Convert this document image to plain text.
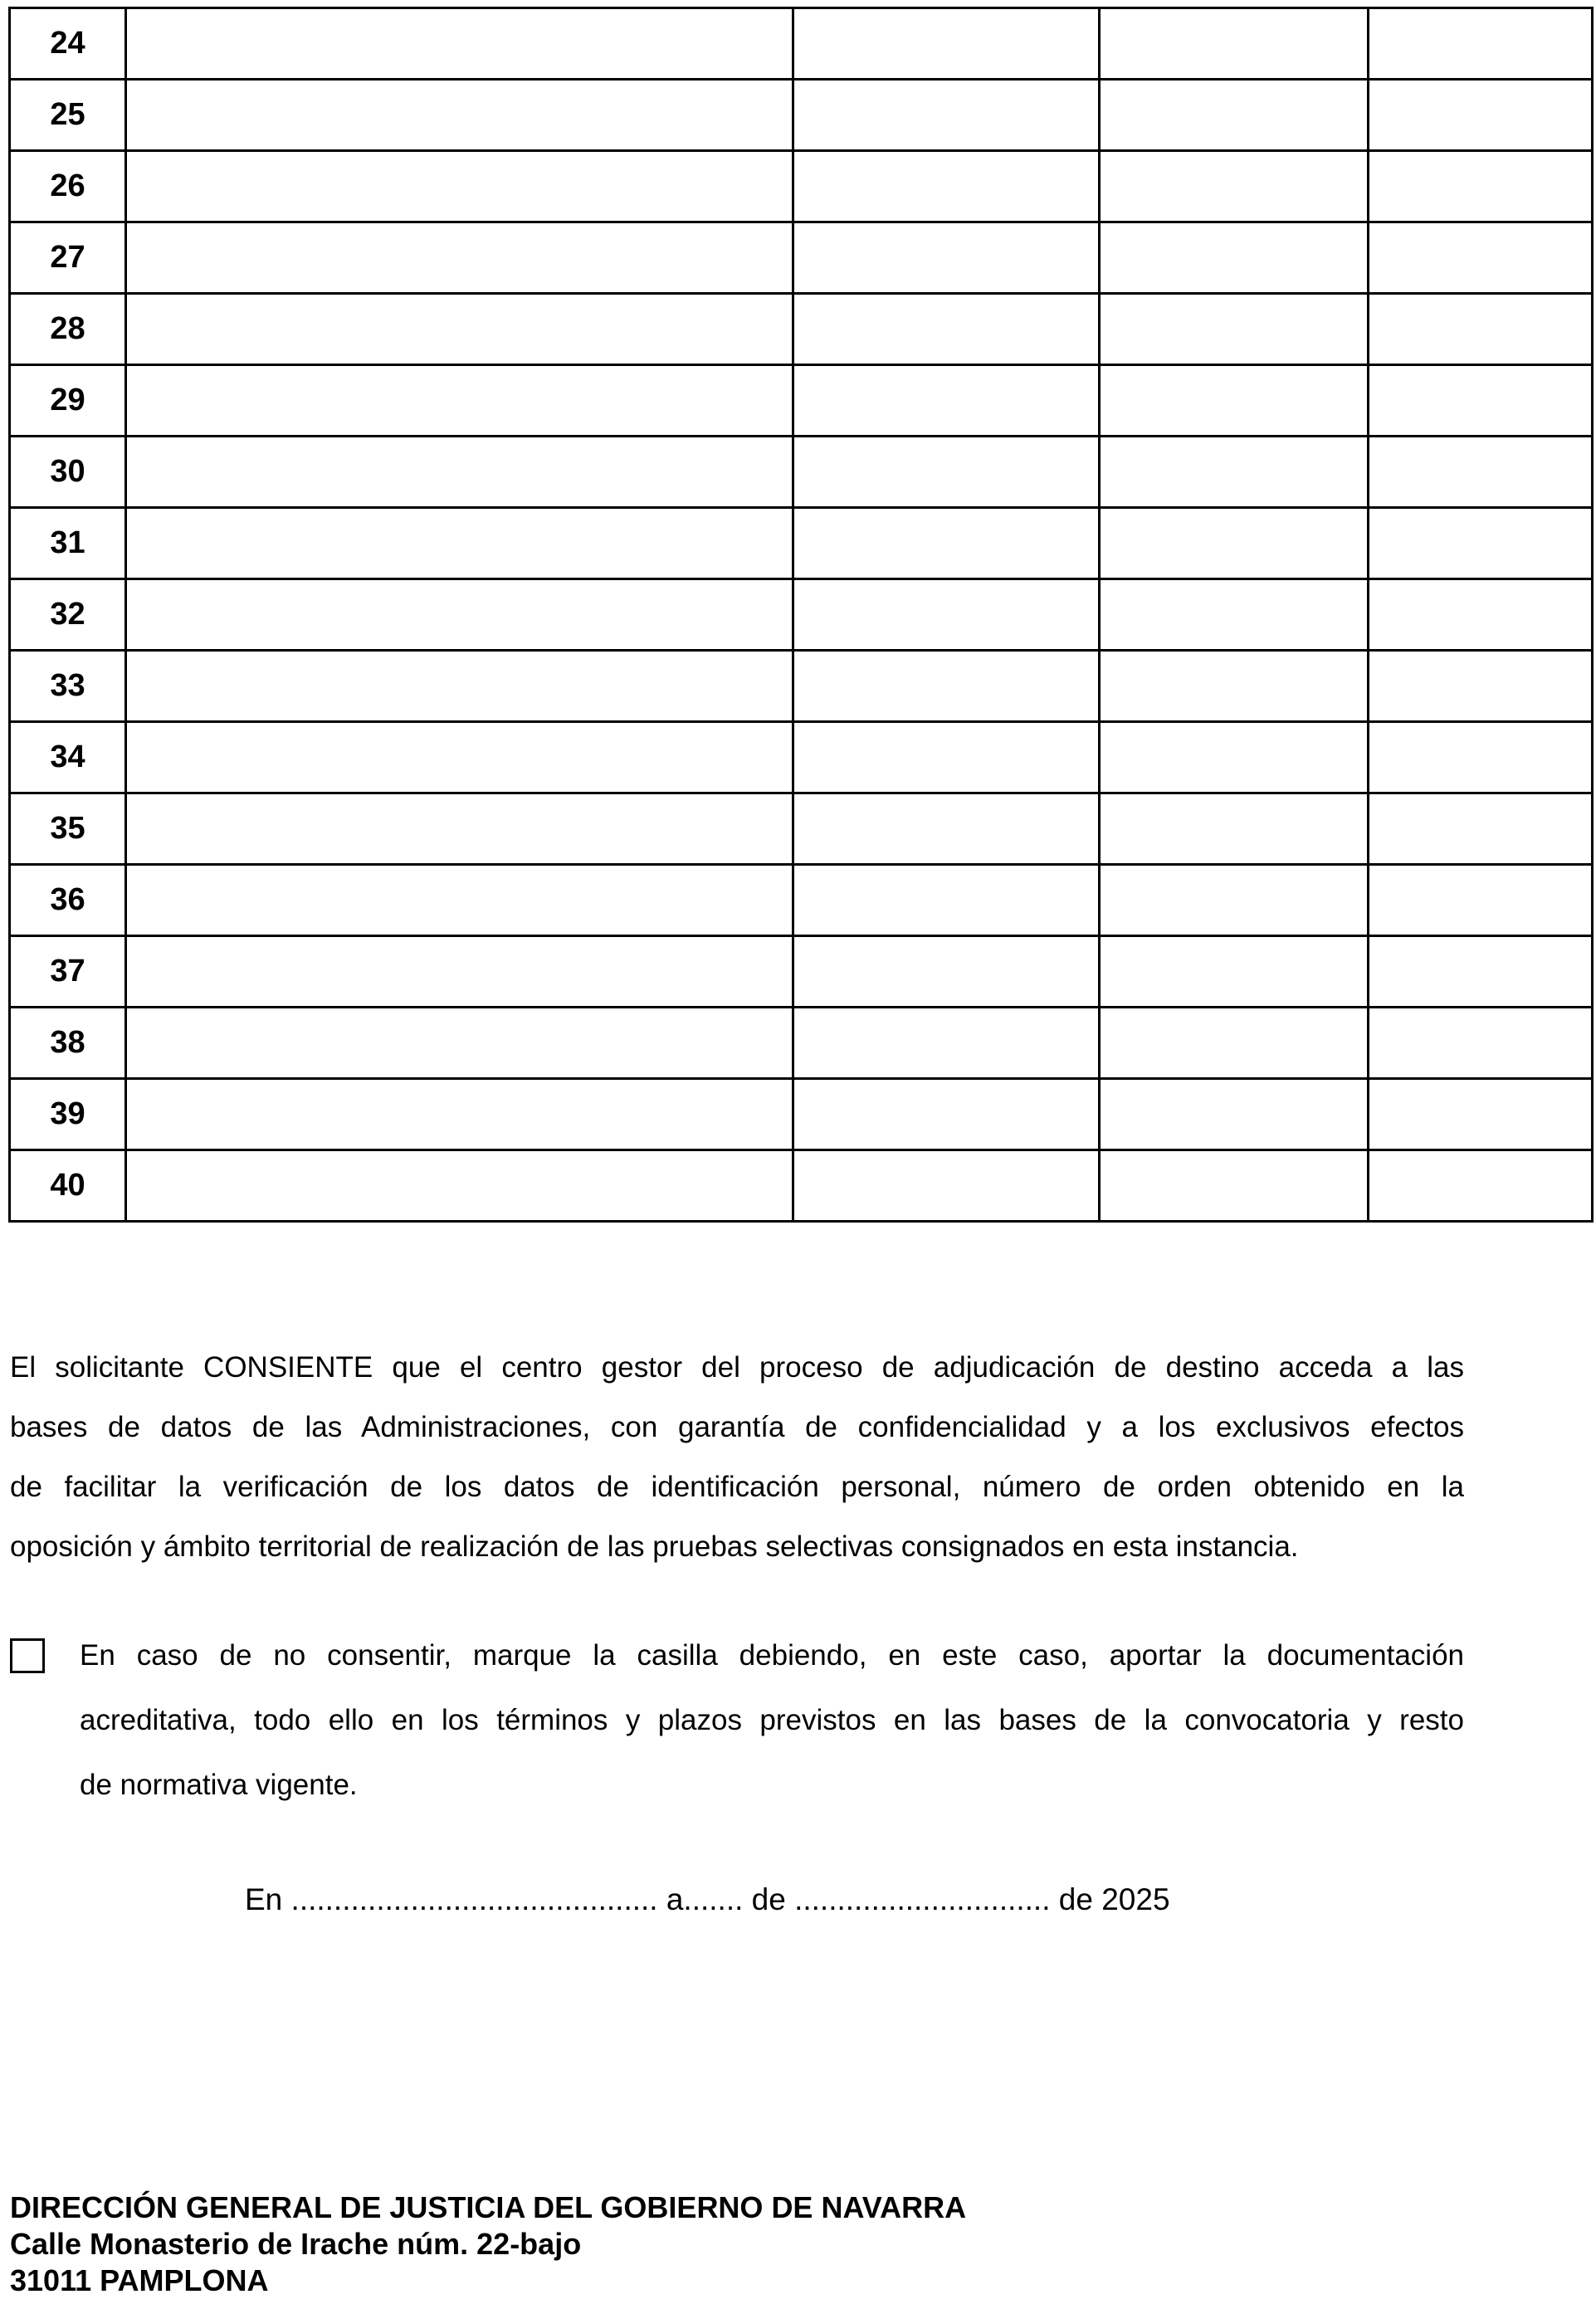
24				
25				
26				
27				
28				
29				
30				
31				
32				
33				
34				
35				
36				
37				
38				
39				
40				
El solicitante CONSIENTE que el centro gestor del proceso de adjudicación de destino acceda a las
bases de datos de las Administraciones, con garantía de confidencialidad y a los exclusivos efectos
de facilitar la verificación de los datos de identificación personal, número de orden obtenido en la
oposición y ámbito territorial de realización de las pruebas selectivas consignados en esta instancia.
En caso de no consentir, marque la casilla debiendo, en este caso, aportar la documentación
acreditativa, todo ello en los términos y plazos previstos en las bases de la convocatoria y resto
de normativa vigente.
En ........................................... a....... de .............................. de 2025
DIRECCIÓN GENERAL DE JUSTICIA DEL GOBIERNO DE NAVARRA
Calle Monasterio de Irache núm. 22-bajo
31011 PAMPLONA
